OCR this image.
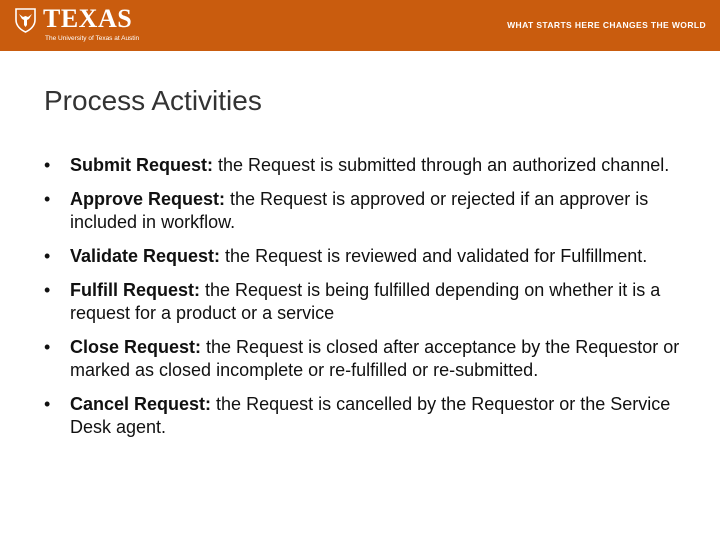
TEXAS
The University of Texas at Austin
WHAT STARTS HERE CHANGES THE WORLD
Process Activities
• Submit Request: the Request is submitted through an authorized channel.
• Approve Request: the Request is approved or rejected if an approver is included in workflow.
• Validate Request: the Request is reviewed and validated for Fulfillment.
• Fulfill Request: the Request is being fulfilled depending on whether it is a request for a product or a service
• Close Request: the Request is closed after acceptance by the Requestor or marked as closed incomplete or re-fulfilled or re-submitted.
• Cancel Request: the Request is cancelled by the Requestor or the Service Desk agent.
